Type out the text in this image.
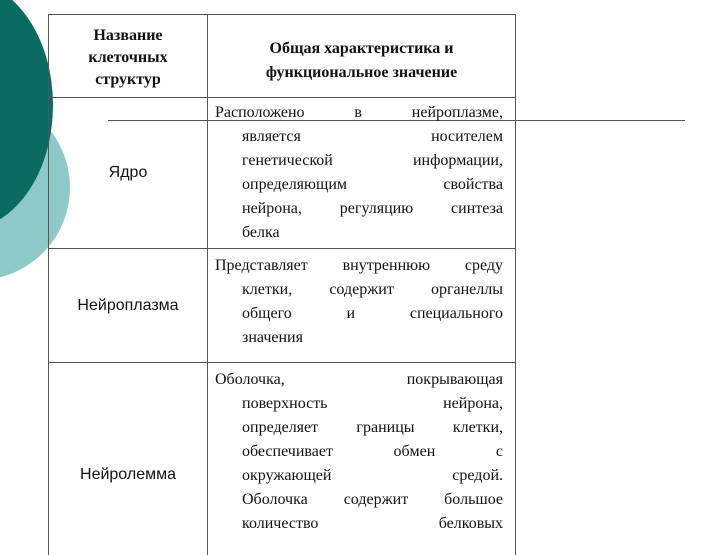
Название
клеточных
структур
Общая характеристика и
функциональное значение
Ядро
Расположено в нейроплазме,
является носителем
генетической информации,
определяющим свойства
нейрона, регуляцию синтеза
белка
Нейроплазма
Представляет внутреннюю среду
клетки, содержит органеллы
общего и специального
значения
Нейролемма
Оболочка, покрывающая
поверхность нейрона,
определяет границы клетки,
обеспечивает обмен с
окружающей средой.
Оболочка содержит большое
количество белковых
